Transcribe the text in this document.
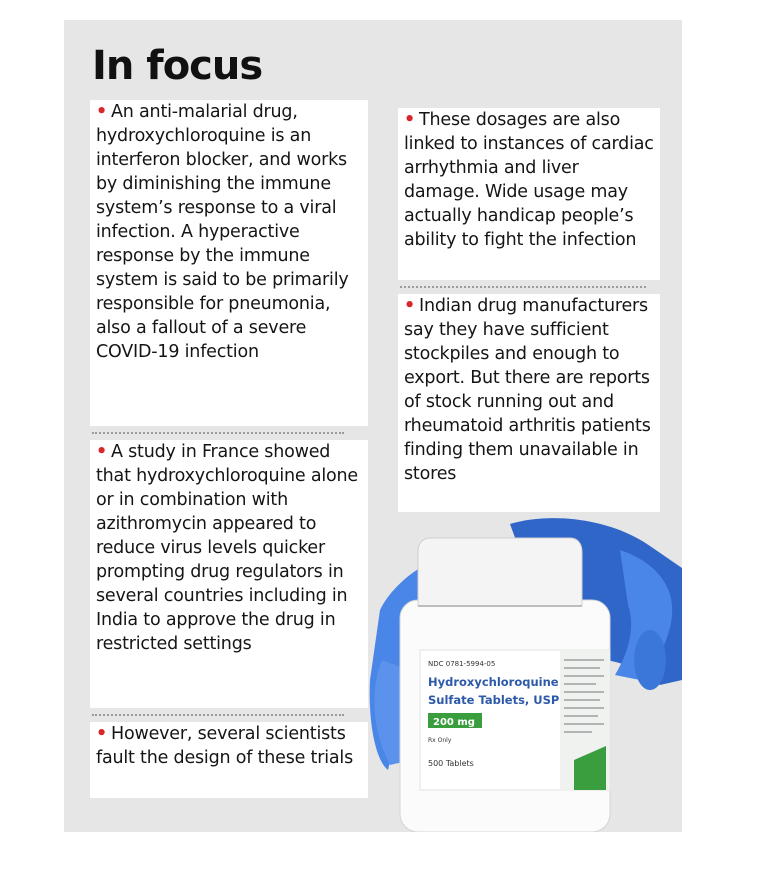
In focus
• An anti-malarial drug, hydroxychloroquine is an interferon blocker, and works by diminishing the immune system’s response to a viral infection. A hyperactive response by the immune system is said to be primarily responsible for pneumonia, also a fallout of a severe COVID-19 infection
• A study in France showed that hydroxychloroquine alone or in combination with azithromycin appeared to reduce virus levels quicker prompting drug regulators in several countries including in India to approve the drug in restricted settings
• However, several scientists fault the design of these trials
• These dosages are also linked to instances of cardiac arrhythmia and liver damage. Wide usage may actually handicap people’s ability to fight the infection
• Indian drug manufacturers say they have sufficient stockpiles and enough to export. But there are reports of stock running out and rheumatoid arthritis patients finding them unavailable in stores
NDC 0781-5994-05
Hydroxychloroquine
Sulfate Tablets, USP
200 mg
Rx Only
500 Tablets
